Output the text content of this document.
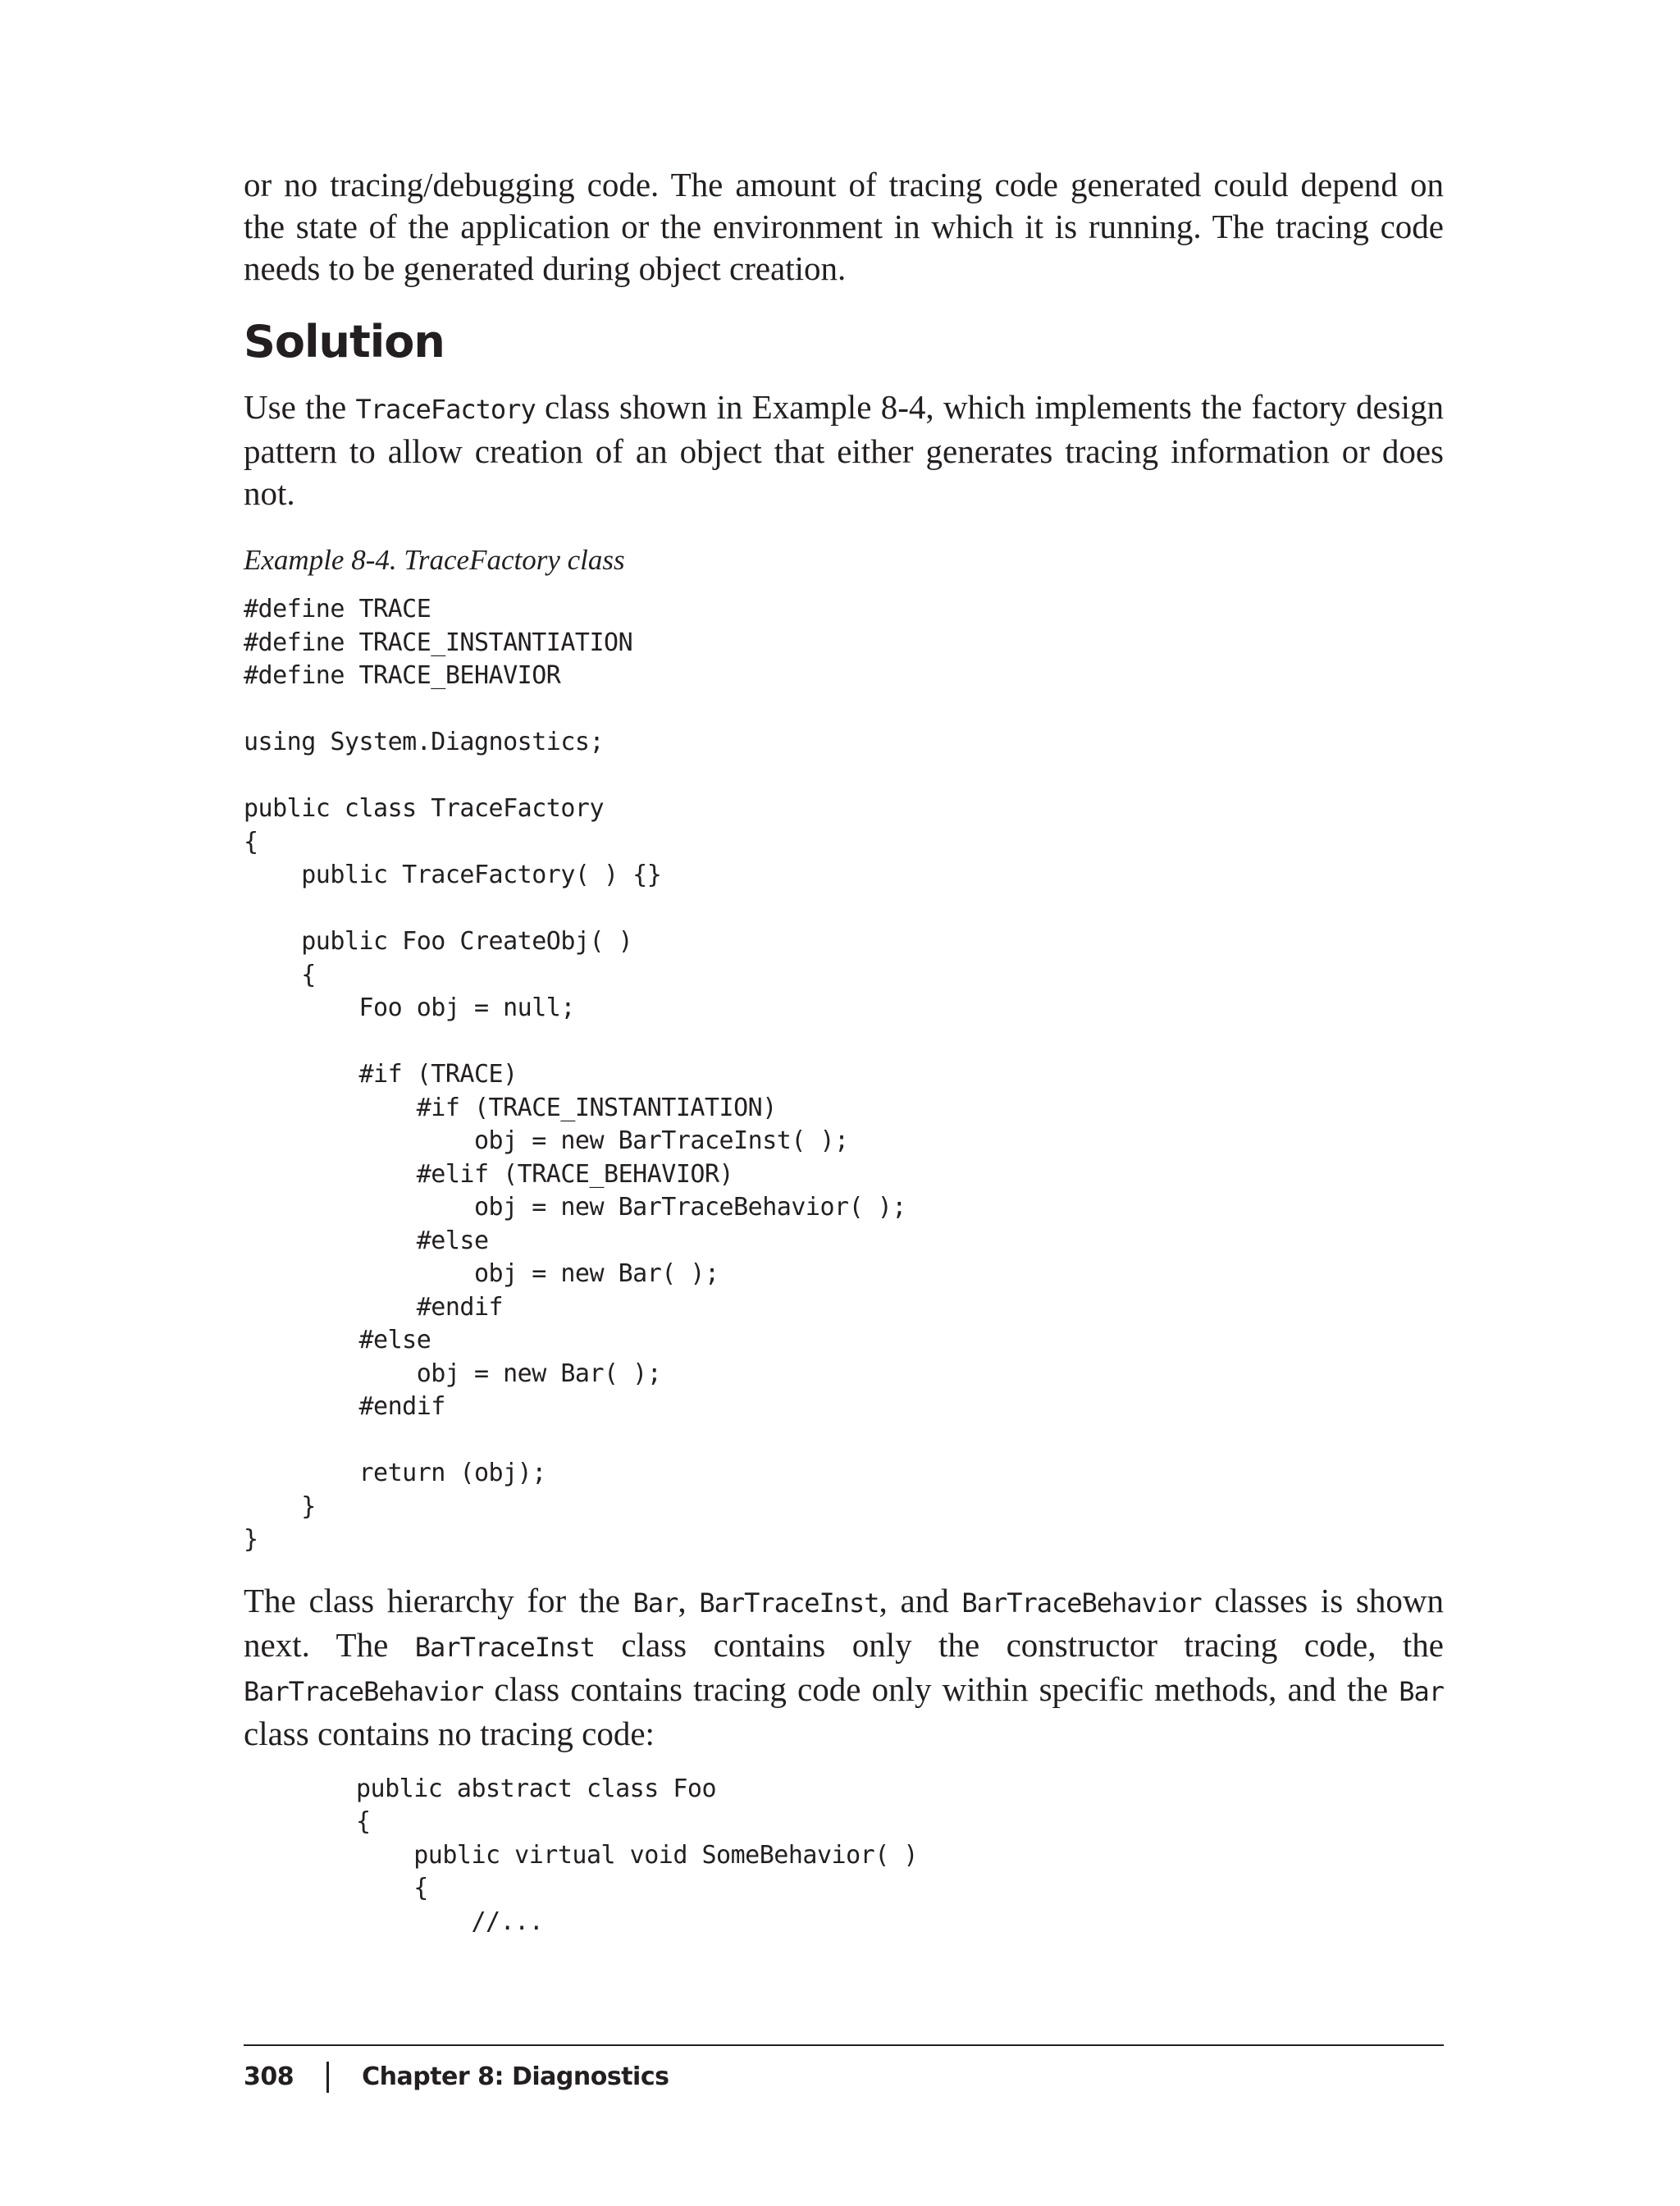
or no tracing/debugging code. The amount of tracing code generated could depend on the state of the application or the environment in which it is running. The tracing code needs to be generated during object creation.

Solution

Use the TraceFactory class shown in Example 8-4, which implements the factory design pattern to allow creation of an object that either generates tracing information or does not.

Example 8-4. TraceFactory class
#define TRACE
#define TRACE_INSTANTIATION
#define TRACE_BEHAVIOR

using System.Diagnostics;

public class TraceFactory
{
public TraceFactory( ) {}

public Foo CreateObj( )
{
Foo obj = null;

#if (TRACE)
#if (TRACE_INSTANTIATION)
obj = new BarTraceInst( );
#elif (TRACE_BEHAVIOR)
obj = new BarTraceBehavior( );
#else
obj = new Bar( );
#endif
#else
obj = new Bar( );
#endif

return (obj);
}
}

The class hierarchy for the Bar, BarTraceInst, and BarTraceBehavior classes is shown next. The BarTraceInst class contains only the constructor tracing code, the BarTraceBehavior class contains tracing code only within specific methods, and the Bar class contains no tracing code:

public abstract class Foo
{
public virtual void SomeBehavior( )
{
//...
308	Chapter 8: Diagnostics
